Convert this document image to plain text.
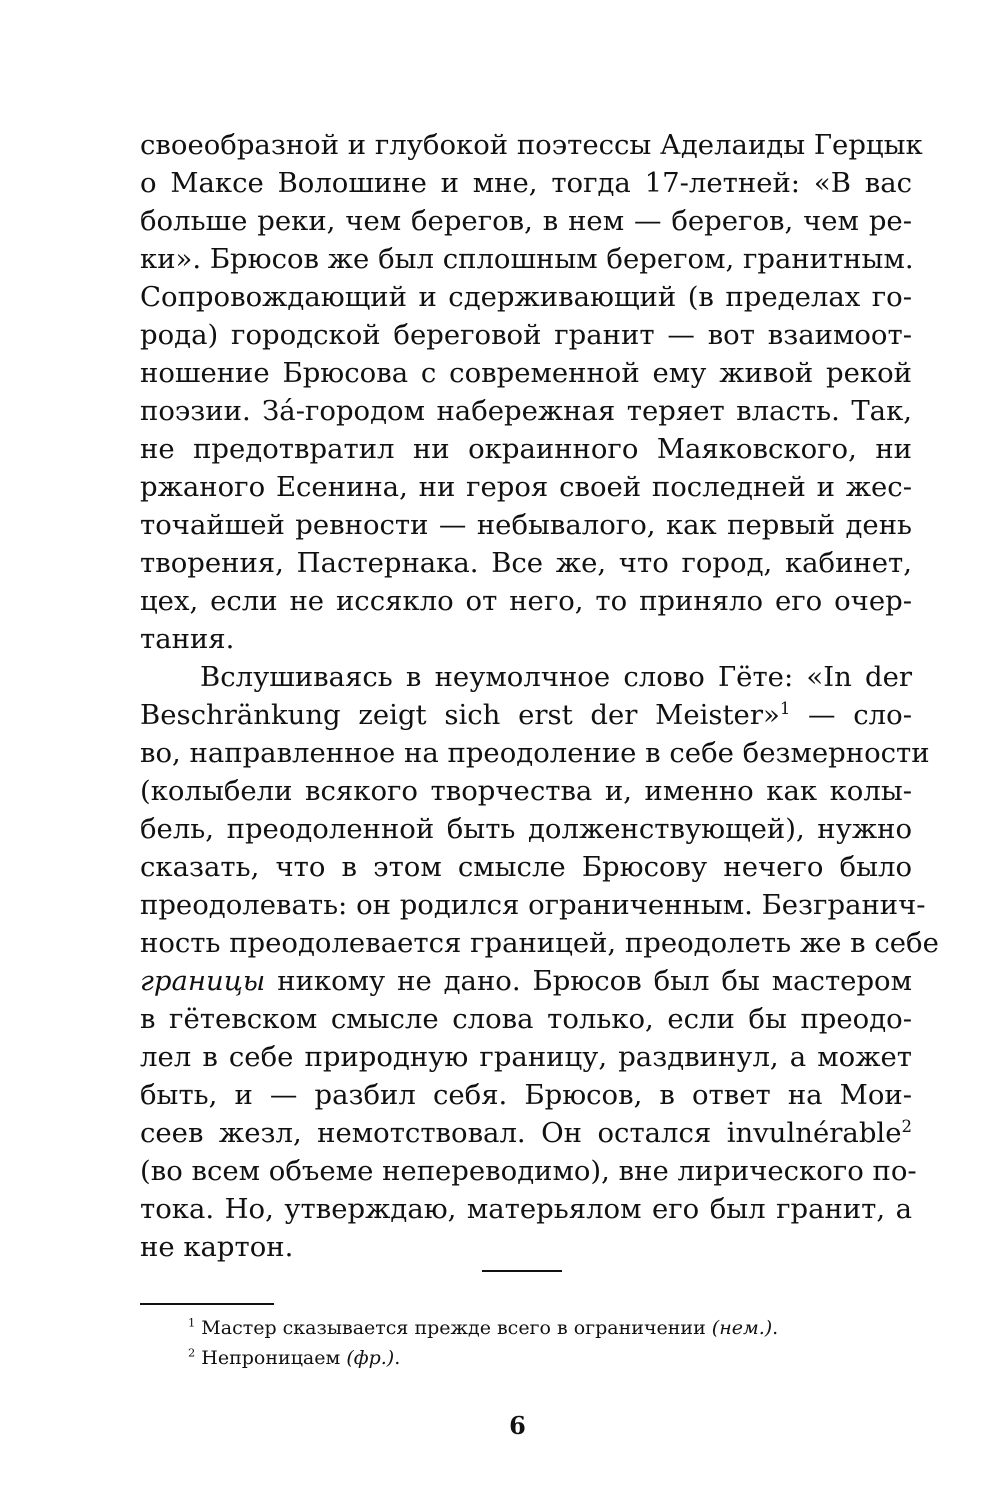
своеобразной и глубокой поэтессы Аделаиды Герцык
о Максе Волошине и мне, тогда 17-летней: «В вас
больше реки, чем берегов, в нем — берегов, чем ре-
ки». Брюсов же был сплошным берегом, гранитным.
Сопровождающий и сдерживающий (в пределах го-
рода) городской береговой гранит — вот взаимоот-
ношение Брюсова с современной ему живой рекой
поэзии. За́-городом набережная теряет власть. Так,
не предотвратил ни окраинного Маяковского, ни
ржаного Есенина, ни героя своей последней и жес-
точайшей ревности — небывалого, как первый день
творения, Пастернака. Все же, что город, кабинет,
цех, если не иссякло от него, то приняло его очер-
тания.
Вслушиваясь в неумолчное слово Гёте: «In der
Beschränkung zeigt sich erst der Meister»$^1$ — сло-
во, направленное на преодоление в себе безмерности
(колыбели всякого творчества и, именно как колы-
бель, преодоленной быть долженствующей), нужно
сказать, что в этом смысле Брюсову нечего было
преодолевать: он родился ограниченным. Безгранич-
ность преодолевается границей, преодолеть же в себе
границы никому не дано. Брюсов был бы мастером
в гётевском смысле слова только, если бы преодо-
лел в себе природную границу, раздвинул, а может
быть, и — разбил себя. Брюсов, в ответ на Мои-
сеев жезл, немотствовал. Он остался invulnérable$^2$
(во всем объеме непереводимо), вне лирического по-
тока. Но, утверждаю, матерьялом его был гранит, а
не картон.
$^1$ Мастер сказывается прежде всего в ограничении (нем.).
$^2$ Непроницаем (фр.).
6
